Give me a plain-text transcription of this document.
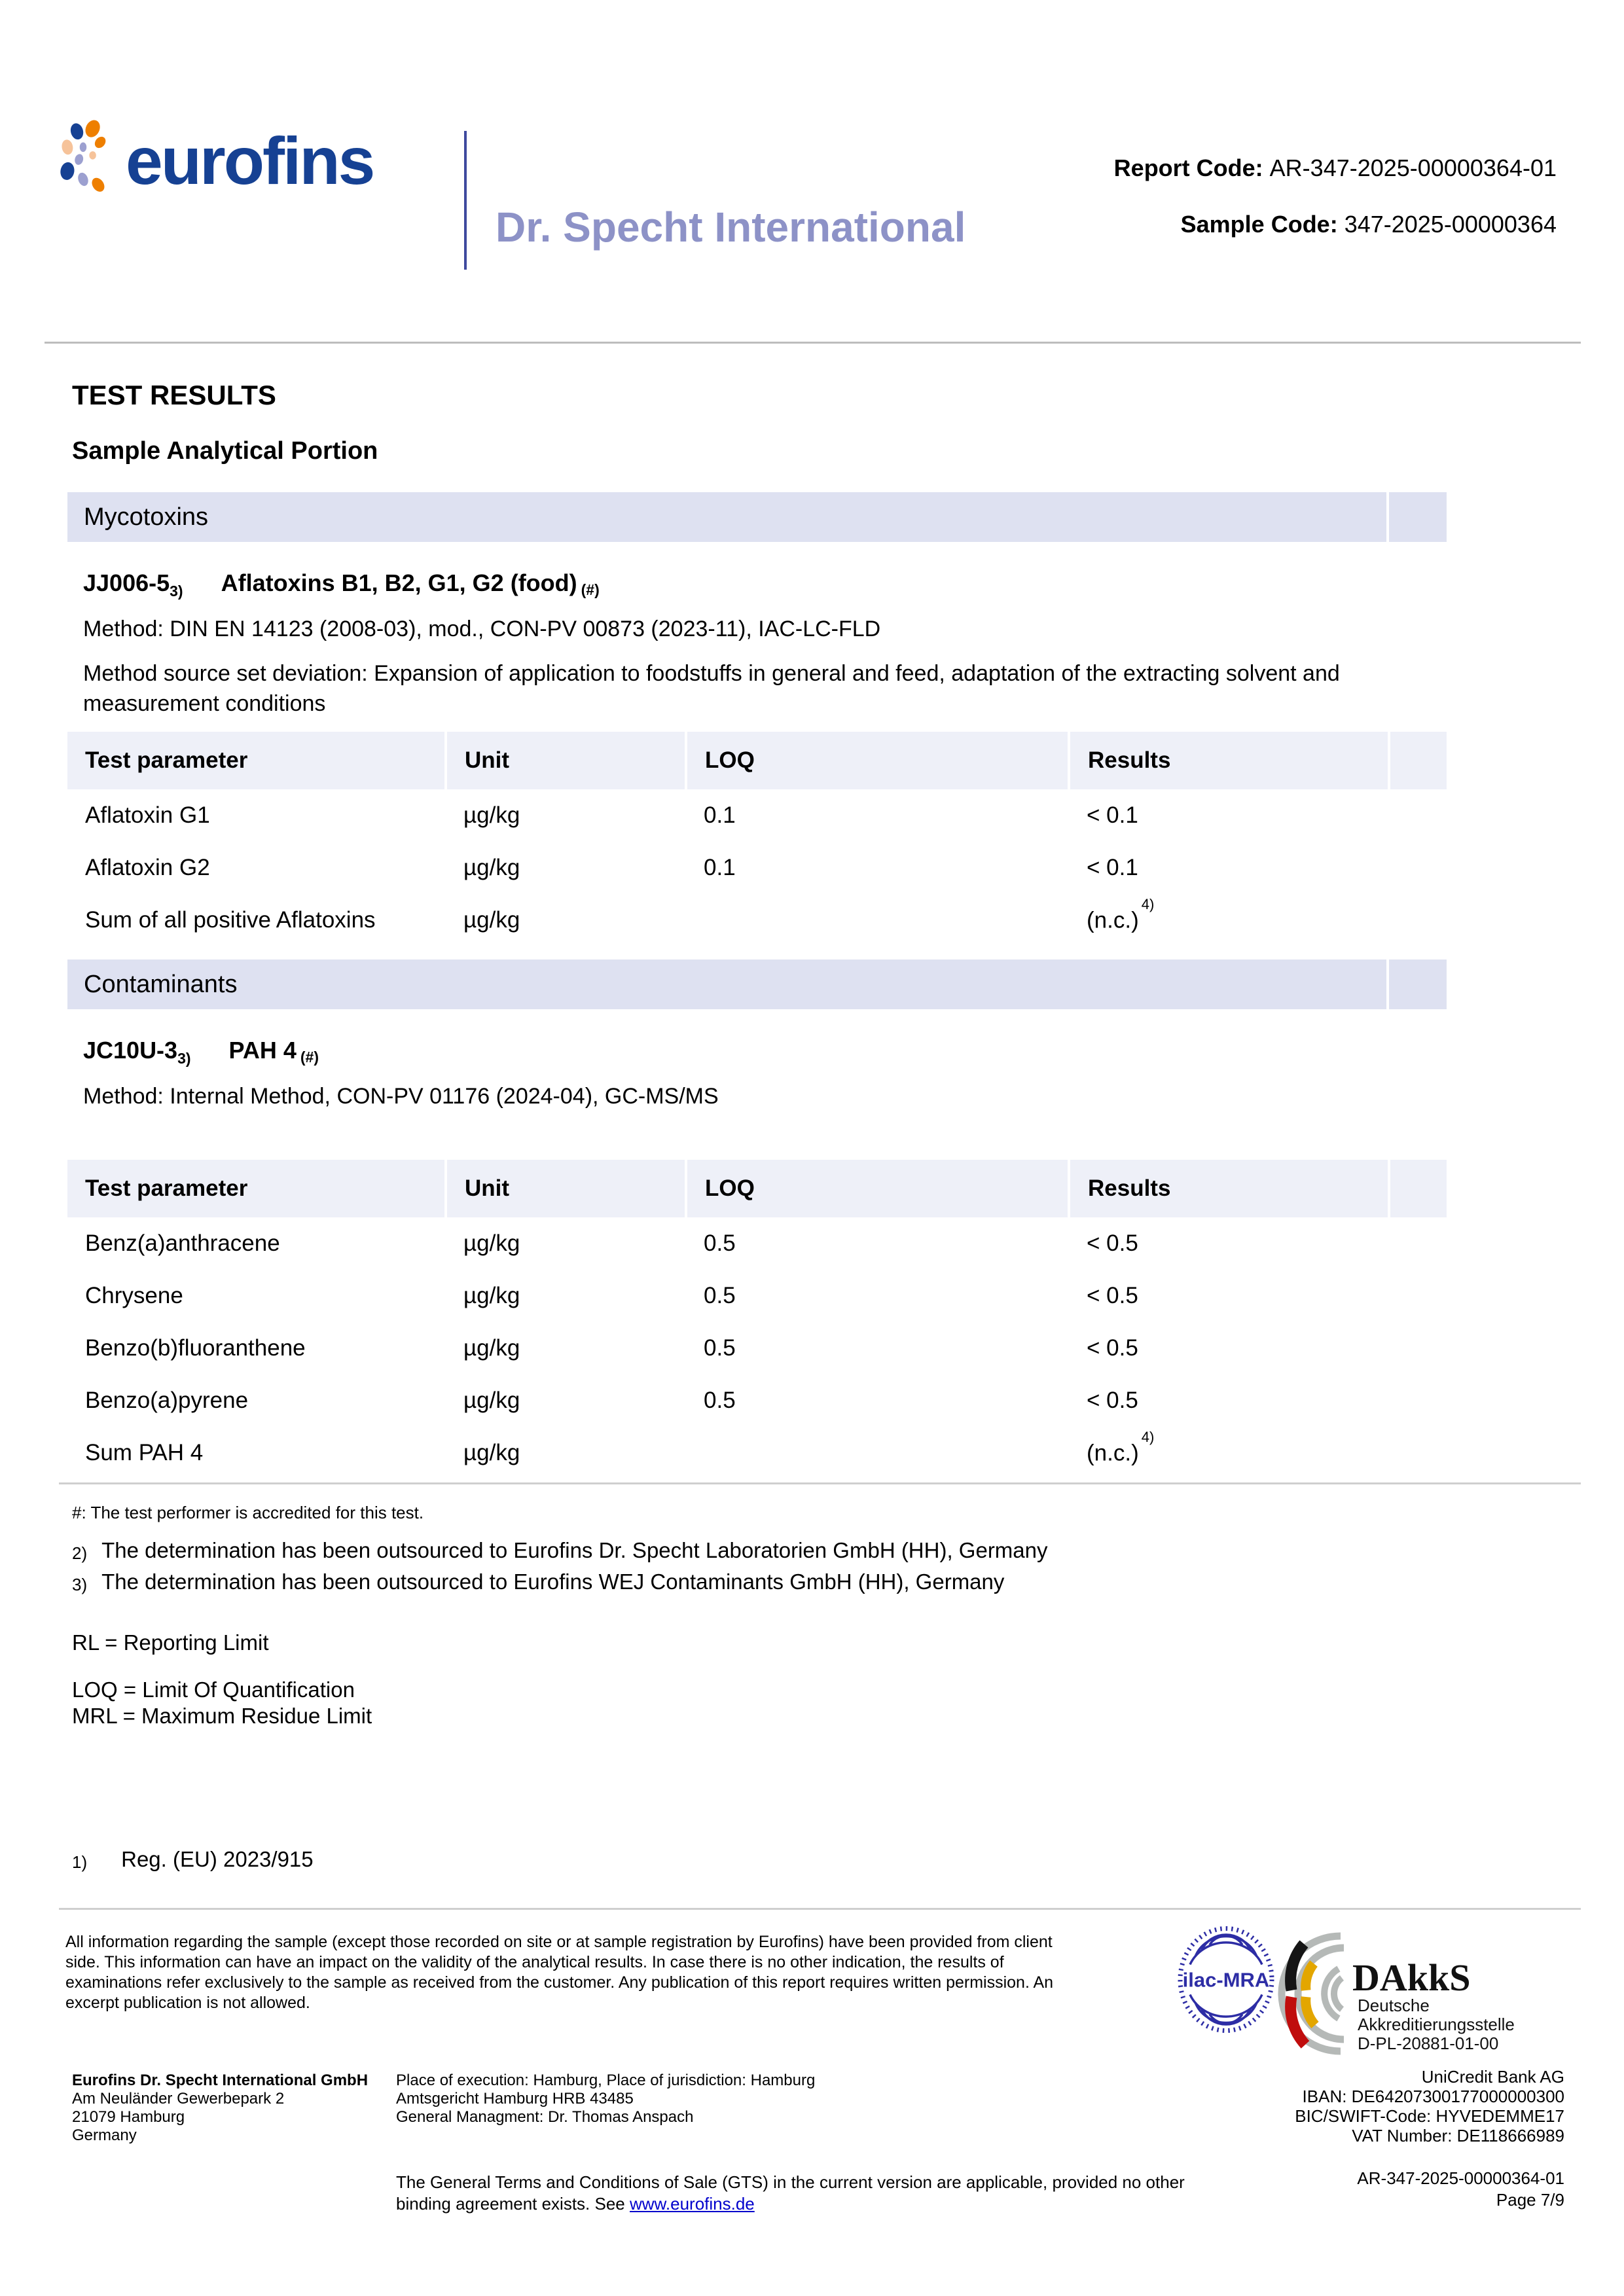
eurofins
Dr. Specht International
Report Code: AR-347-2025-00000364-01
Sample Code: 347-2025-00000364
TEST RESULTS
Sample Analytical Portion
Mycotoxins
$JJ006-5_{3)}$ Aflatoxins B1, B2, G1, G2 (food) (#)
Method: DIN EN 14123 (2008-03), mod., CON-PV 00873 (2023-11), IAC-LC-FLD
Method source set deviation: Expansion of application to foodstuffs in general and feed, adaptation of the extracting solvent and measurement conditions
Test parameter	Unit	LOQ	Results	
Aflatoxin G1	µg/kg	0.1	< 0.1	
Aflatoxin G2	µg/kg	0.1	< 0.1	
Sum of all positive Aflatoxins	µg/kg		$(n.c.)^{4)}$	
Contaminants
$JC10U-3_{3)}$ PAH 4 (#)
Method: Internal Method, CON-PV 01176 (2024-04), GC-MS/MS
Test parameter	Unit	LOQ	Results	
Benz(a)anthracene	µg/kg	0.5	< 0.5	
Chrysene	µg/kg	0.5	< 0.5	
Benzo(b)fluoranthene	µg/kg	0.5	< 0.5	
Benzo(a)pyrene	µg/kg	0.5	< 0.5	
Sum PAH 4	µg/kg		$(n.c.)^{4)}$	
#: The test performer is accredited for this test.
2) The determination has been outsourced to Eurofins Dr. Specht Laboratorien GmbH (HH), Germany
3) The determination has been outsourced to Eurofins WEJ Contaminants GmbH (HH), Germany
RL = Reporting Limit
LOQ = Limit Of Quantification
MRL = Maximum Residue Limit
1) Reg. (EU) 2023/915
All information regarding the sample (except those recorded on site or at sample registration by Eurofins) have been provided from client side. This information can have an impact on the validity of the analytical results. In case there is no other indication, the results of examinations refer exclusively to the sample as received from the customer. Any publication of this report requires written permission. An excerpt publication is not allowed.
ilac-MRA DAkkS
Deutsche
Akkreditierungsstelle
D-PL-20881-01-00
Eurofins Dr. Specht International GmbH
Am Neuländer Gewerbepark 2
21079 Hamburg
Germany
Place of execution: Hamburg, Place of jurisdiction: Hamburg
Amtsgericht Hamburg HRB 43485
General Managment: Dr. Thomas Anspach
UniCredit Bank AG
IBAN: DE64207300177000000300
BIC/SWIFT-Code: HYVEDEMME17
VAT Number: DE118666989
The General Terms and Conditions of Sale (GTS) in the current version are applicable, provided no other binding agreement exists. See www.eurofins.de
AR-347-2025-00000364-01
Page 7/9
